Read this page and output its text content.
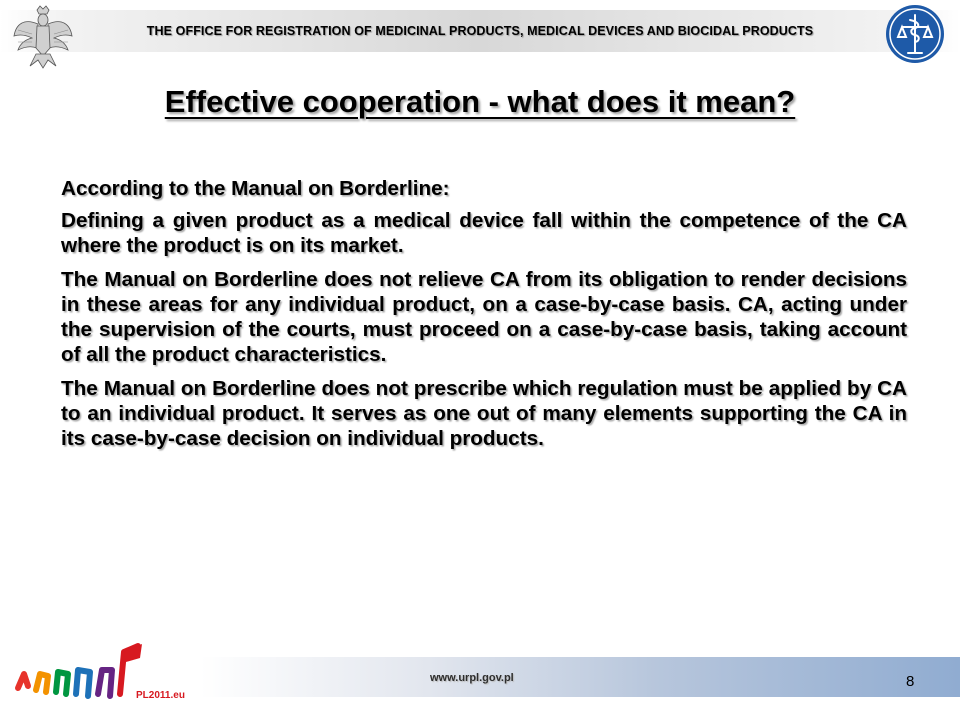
THE OFFICE FOR REGISTRATION OF MEDICINAL PRODUCTS, MEDICAL DEVICES AND BIOCIDAL PRODUCTS
Effective cooperation - what does it mean?

According to the Manual on Borderline:

Defining a given product as a medical device fall within the competence of the CA where the product is on its market.

The Manual on Borderline does not relieve CA from its obligation to render decisions in these areas for any individual product, on a case-by-case basis. CA, acting under the supervision of the courts, must proceed on a case-by-case basis, taking account of all the product characteristics.

The Manual on Borderline does not prescribe which regulation must be applied by CA to an individual product. It serves as one out of many elements supporting the CA in its case-by-case decision on individual products.

PL2011.eu
www.urpl.gov.pl	8
